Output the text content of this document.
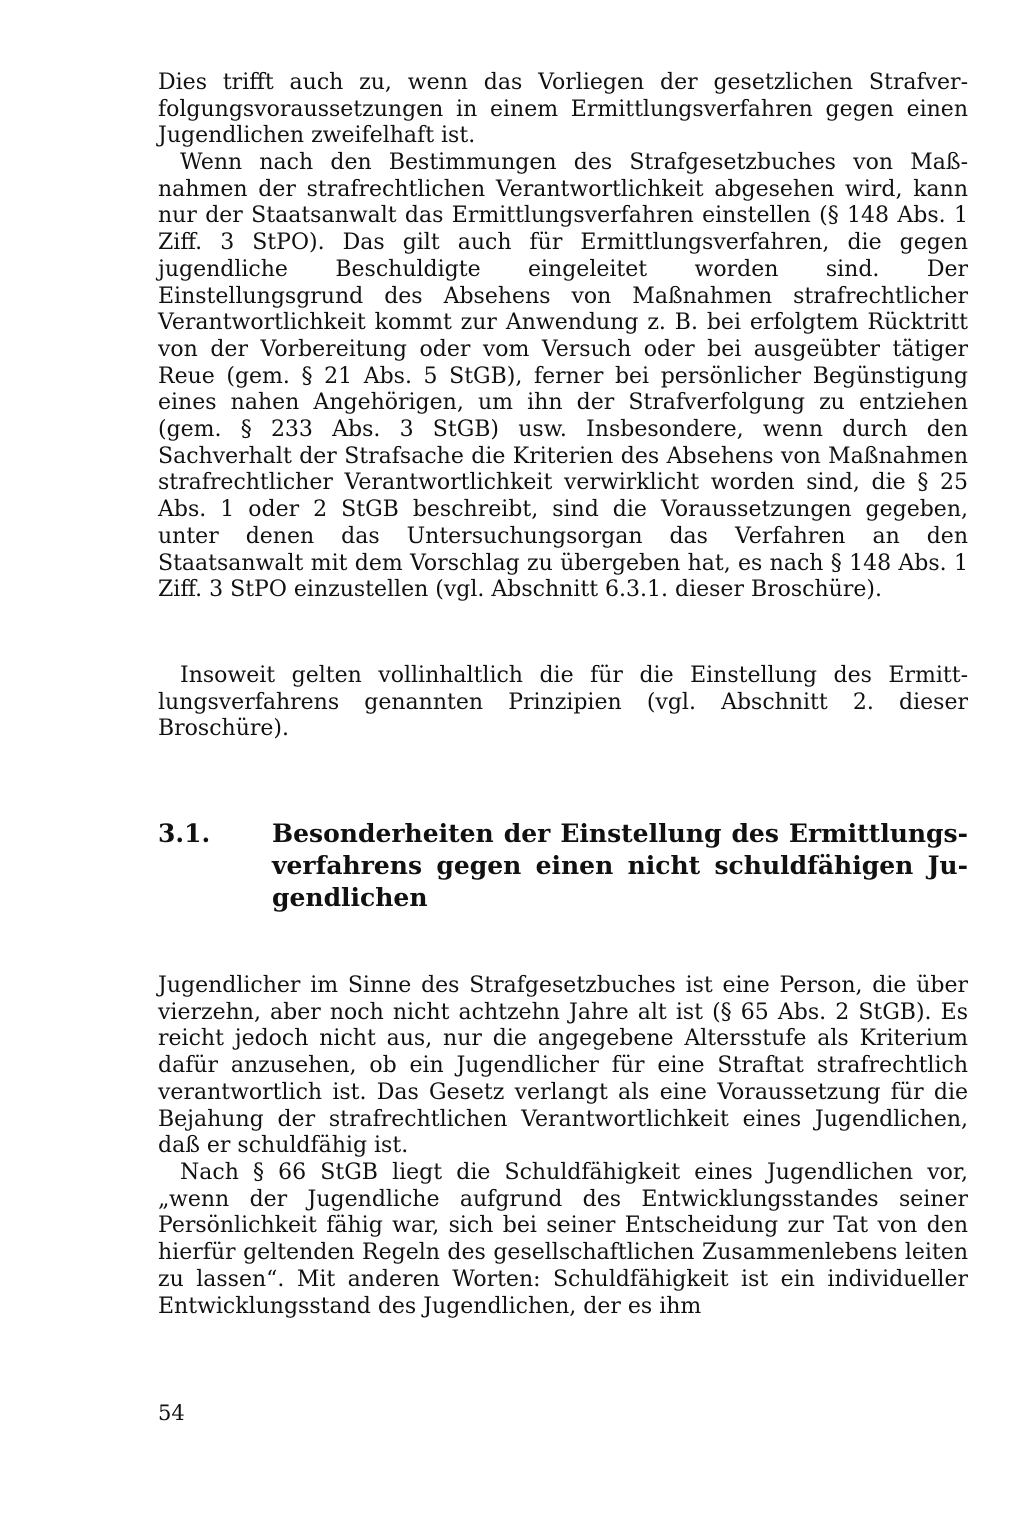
Dies trifft auch zu, wenn das Vorliegen der gesetzlichen Strafverfolgungsvoraussetzungen in einem Ermittlungsverfahren gegen einen Jugendlichen zweifelhaft ist.

Wenn nach den Bestimmungen des Strafgesetzbuches von Maßnahmen der strafrechtlichen Verantwortlichkeit abgesehen wird, kann nur der Staatsanwalt das Ermittlungsverfahren einstellen (§ 148 Abs. 1 Ziff. 3 StPO). Das gilt auch für Ermittlungsverfahren, die gegen jugendliche Beschuldigte eingeleitet worden sind. Der Einstellungsgrund des Absehens von Maßnahmen strafrechtlicher Verantwortlichkeit kommt zur Anwendung z. B. bei erfolgtem Rücktritt von der Vorbereitung oder vom Versuch oder bei ausgeübter tätiger Reue (gem. § 21 Abs. 5 StGB), ferner bei persönlicher Begünstigung eines nahen Angehörigen, um ihn der Strafverfolgung zu entziehen (gem. § 233 Abs. 3 StGB) usw. Insbesondere, wenn durch den Sachverhalt der Strafsache die Kriterien des Absehens von Maßnahmen strafrechtlicher Verantwortlichkeit verwirklicht worden sind, die § 25 Abs. 1 oder 2 StGB beschreibt, sind die Voraussetzungen gegeben, unter denen das Untersuchungsorgan das Verfahren an den Staatsanwalt mit dem Vorschlag zu übergeben hat, es nach § 148 Abs. 1 Ziff. 3 StPO einzustellen (vgl. Abschnitt 6.3.1. dieser Broschüre).

Insoweit gelten vollinhaltlich die für die Einstellung des Ermittlungsverfahrens genannten Prinzipien (vgl. Abschnitt 2. dieser Broschüre).

3.1. Besonderheiten der Einstellung des Ermittlungsverfahrens gegen einen nicht schuldfähigen Jugendlichen

Jugendlicher im Sinne des Strafgesetzbuches ist eine Person, die über vierzehn, aber noch nicht achtzehn Jahre alt ist (§ 65 Abs. 2 StGB). Es reicht jedoch nicht aus, nur die angegebene Altersstufe als Kriterium dafür anzusehen, ob ein Jugendlicher für eine Straftat strafrechtlich verantwortlich ist. Das Gesetz verlangt als eine Voraussetzung für die Bejahung der strafrechtlichen Verantwortlichkeit eines Jugendlichen, daß er schuldfähig ist.

Nach § 66 StGB liegt die Schuldfähigkeit eines Jugendlichen vor, „wenn der Jugendliche aufgrund des Entwicklungsstandes seiner Persönlichkeit fähig war, sich bei seiner Entscheidung zur Tat von den hierfür geltenden Regeln des gesellschaftlichen Zusammenlebens leiten zu lassen“. Mit anderen Worten: Schuldfähigkeit ist ein individueller Entwicklungsstand des Jugendlichen, der es ihm

54
